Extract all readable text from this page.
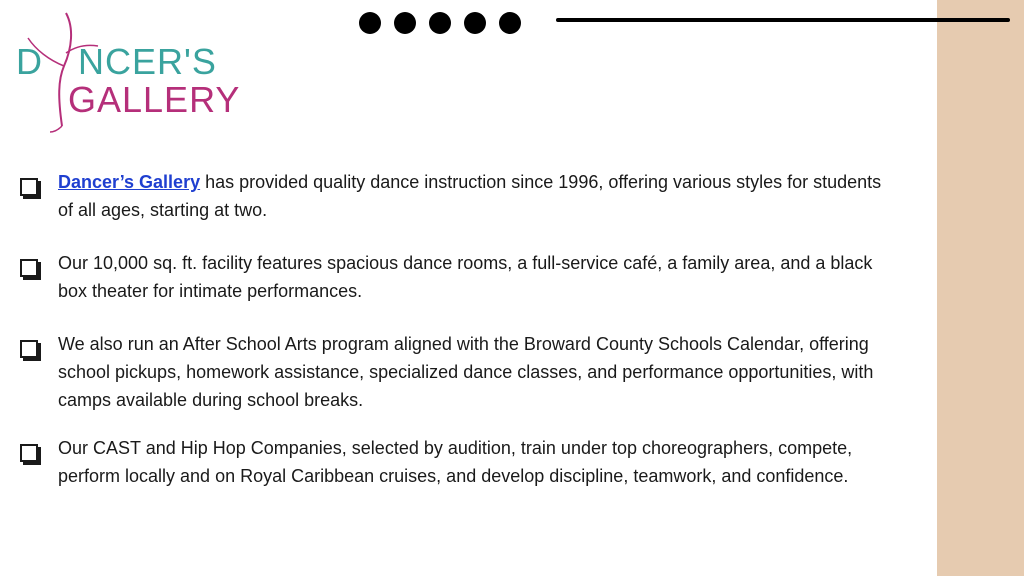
D NCER'S
GALLERY
Dancer’s Gallery has provided quality dance instruction since 1996, offering various styles for students of all ages, starting at two.
Our 10,000 sq. ft. facility features spacious dance rooms, a full-service café, a family area, and a black box theater for intimate performances.
We also run an After School Arts program aligned with the Broward County Schools Calendar, offering school pickups, homework assistance, specialized dance classes, and performance opportunities, with camps available during school breaks.
Our CAST and Hip Hop Companies, selected by audition, train under top choreographers, compete, perform locally and on Royal Caribbean cruises, and develop discipline, teamwork, and confidence.
